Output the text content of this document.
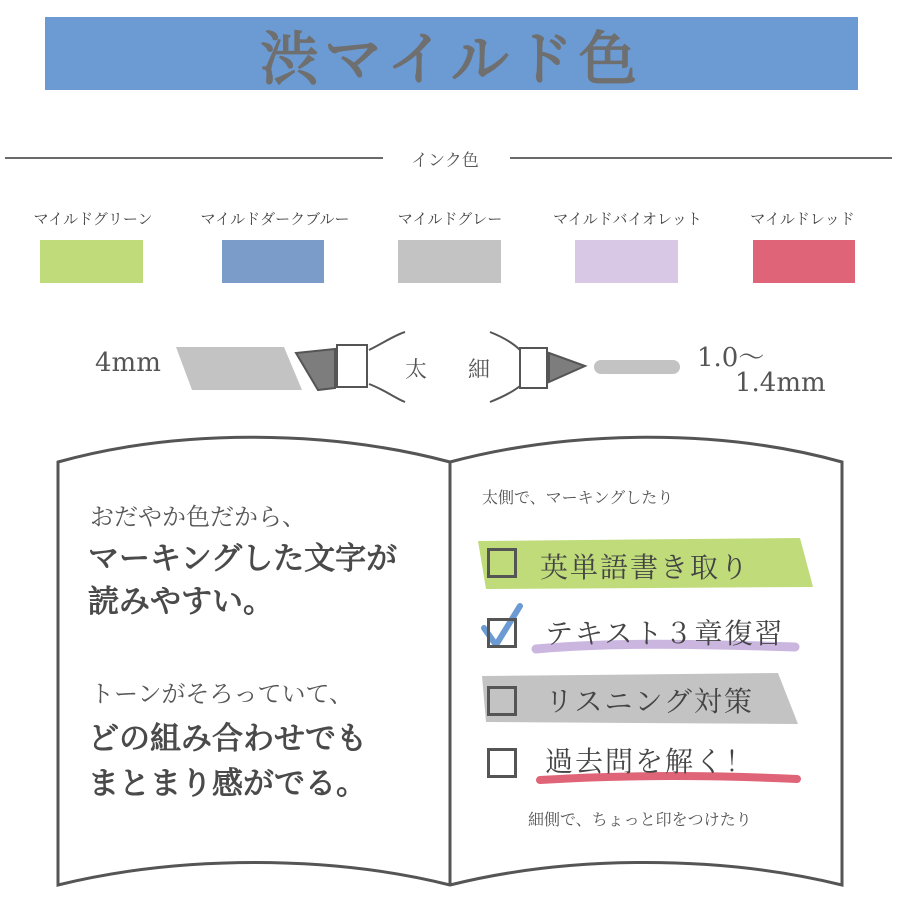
渋マイルド色
インク色
マイルドグリーン	マイルドダークブルー	マイルドグレー	マイルドバイオレット	マイルドレッド
4mm	太 細	1.0〜
1.4mm
おだやか色だから、
マーキングした文字が
読みやすい。
トーンがそろっていて、
どの組み合わせでも
まとまり感がでる。
太側で、マーキングしたり
英単語書き取り
テキスト３章復習
リスニング対策
過去問を解く！
細側で、ちょっと印をつけたり
